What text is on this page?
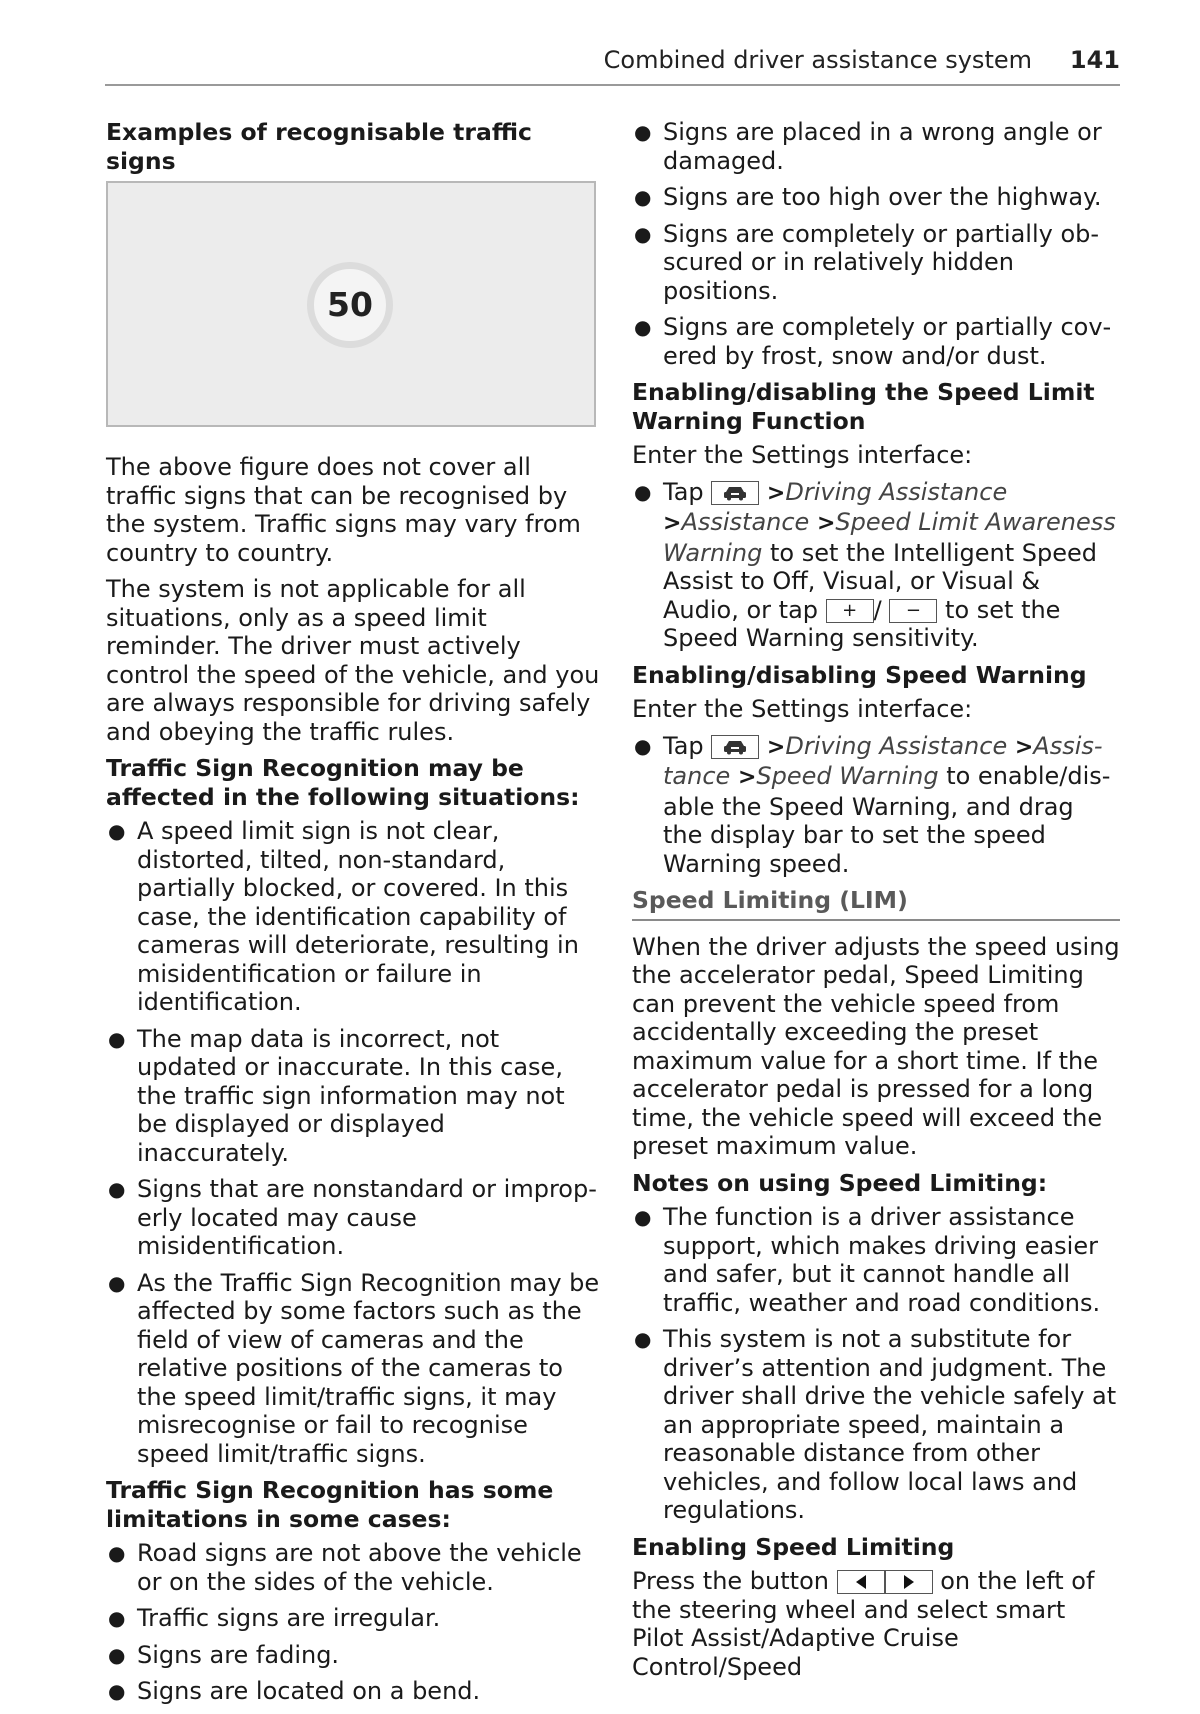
Combined driver assistance system 141
Examples of recognisable traffic signs
50

The above figure does not cover all traffic signs that can be recognised by the system. Traffic signs may vary from country to country.

The system is not applicable for all situations, only as a speed limit reminder. The driver must actively control the speed of the vehicle, and you are always responsible for driving safely and obeying the traffic rules.

Traffic Sign Recognition may be affected in the following situations:
● A speed limit sign is not clear, distorted, tilted, non-standard, partially blocked, or covered. In this case, the identification capability of cameras will deteriorate, resulting in misidentification or failure in identification.
● The map data is incorrect, not updated or inaccurate. In this case, the traffic sign information may not be displayed or displayed inaccurately.
● Signs that are nonstandard or improperly located may cause misidentification.
● As the Traffic Sign Recognition may be affected by some factors such as the field of view of cameras and the relative positions of the cameras to the speed limit/traffic signs, it may misrecognise or fail to recognise speed limit/traffic signs.
Traffic Sign Recognition has some limitations in some cases:
● Road signs are not above the vehicle or on the sides of the vehicle.
● Traffic signs are irregular.
● Signs are fading.
● Signs are located on a bend.
● Signs are placed in a wrong angle or damaged.
● Signs are too high over the highway.
● Signs are completely or partially obscured or in relatively hidden positions.
● Signs are completely or partially covered by frost, snow and/or dust.
Enabling/disabling the Speed Limit Warning Function

Enter the Settings interface:

● Tap	>Driving Assistance >Assistance >Speed Limit Awareness Warning to set the Intelligent Speed Assist to Off, Visual, or Visual & Audio, or tap + / − to set the Speed Warning sensitivity.
Enabling/disabling Speed Warning

Enter the Settings interface:

● Tap	>Driving Assistance >Assistance >Speed Warning to enable/disable the Speed Warning, and drag the display bar to set the speed Warning speed.
Speed Limiting (LIM)

When the driver adjusts the speed using the accelerator pedal, Speed Limiting can prevent the vehicle speed from accidentally exceeding the preset maximum value for a short time. If the accelerator pedal is pressed for a long time, the vehicle speed will exceed the preset maximum value.

Notes on using Speed Limiting:
● The function is a driver assistance support, which makes driving easier and safer, but it cannot handle all traffic, weather and road conditions.
● This system is not a substitute for driver’s attention and judgment. The driver shall drive the vehicle safely at an appropriate speed, maintain a reasonable distance from other vehicles, and follow local laws and regulations.
Enabling Speed Limiting

Press the button	on the left of the steering wheel and select smart Pilot Assist/Adaptive Cruise Control/Speed
